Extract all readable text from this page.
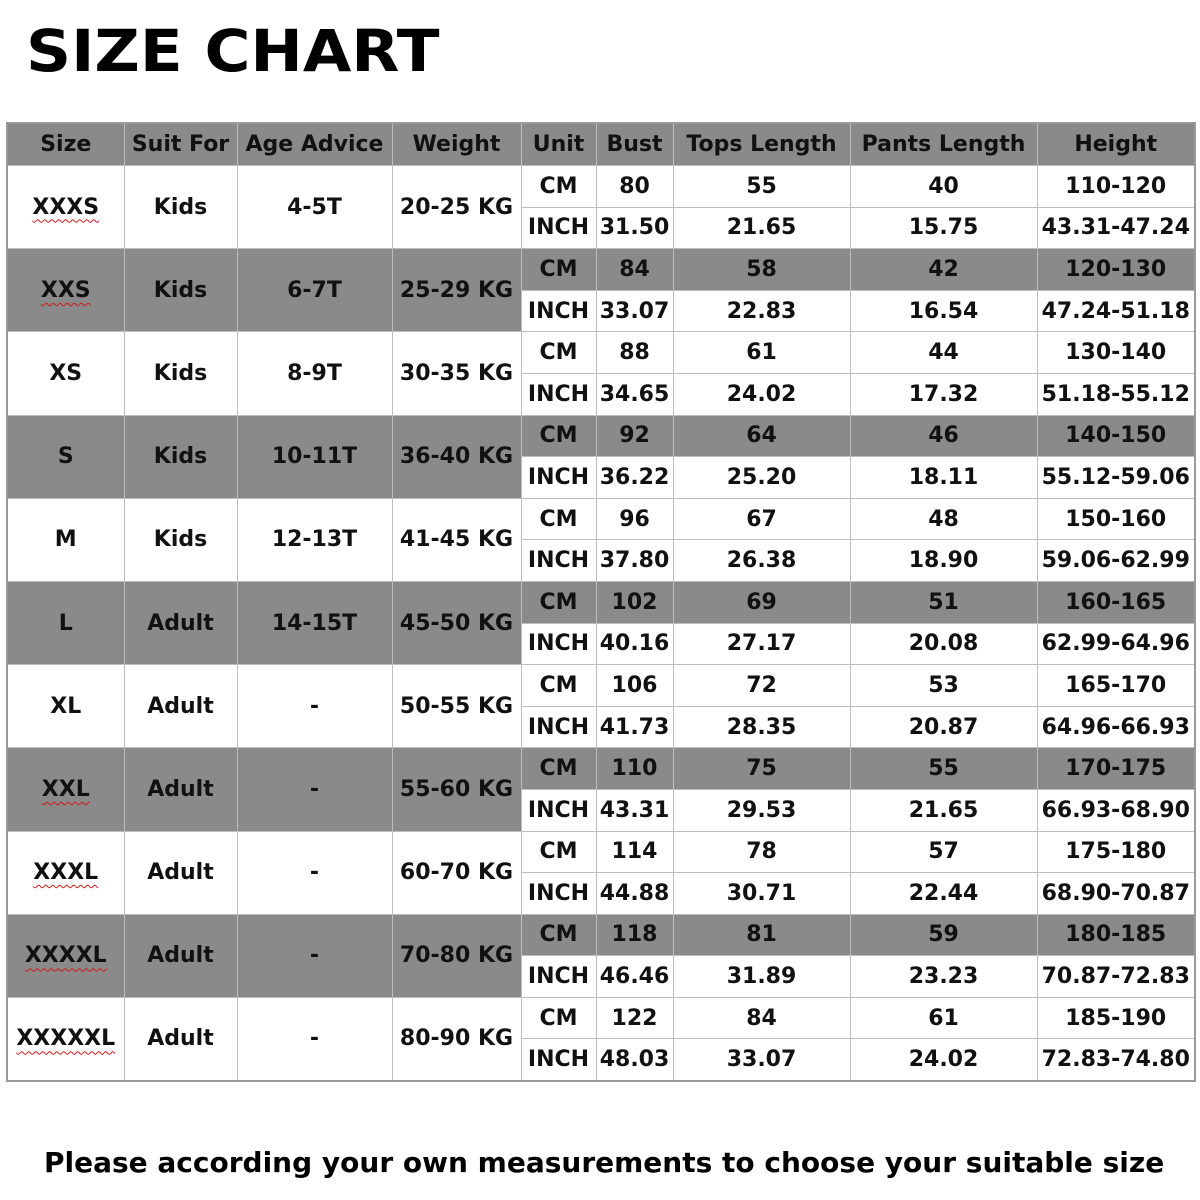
SIZE CHART
Size	Suit For	Age Advice	Weight	Unit	Bust	Tops Length	Pants Length	Height
XXXS	Kids	4-5T	20-25 KG	CM	80	55	40	110-120
				INCH	31.50	21.65	15.75	43.31-47.24
XXS	Kids	6-7T	25-29 KG	CM	84	58	42	120-130
				INCH	33.07	22.83	16.54	47.24-51.18
XS	Kids	8-9T	30-35 KG	CM	88	61	44	130-140
				INCH	34.65	24.02	17.32	51.18-55.12
S	Kids	10-11T	36-40 KG	CM	92	64	46	140-150
				INCH	36.22	25.20	18.11	55.12-59.06
M	Kids	12-13T	41-45 KG	CM	96	67	48	150-160
				INCH	37.80	26.38	18.90	59.06-62.99
L	Adult	14-15T	45-50 KG	CM	102	69	51	160-165
				INCH	40.16	27.17	20.08	62.99-64.96
XL	Adult	-	50-55 KG	CM	106	72	53	165-170
				INCH	41.73	28.35	20.87	64.96-66.93
XXL	Adult	-	55-60 KG	CM	110	75	55	170-175
				INCH	43.31	29.53	21.65	66.93-68.90
XXXL	Adult	-	60-70 KG	CM	114	78	57	175-180
				INCH	44.88	30.71	22.44	68.90-70.87
XXXXL	Adult	-	70-80 KG	CM	118	81	59	180-185
				INCH	46.46	31.89	23.23	70.87-72.83
XXXXXL	Adult	-	80-90 KG	CM	122	84	61	185-190
				INCH	48.03	33.07	24.02	72.83-74.80

Please according your own measurements to choose your suitable size
